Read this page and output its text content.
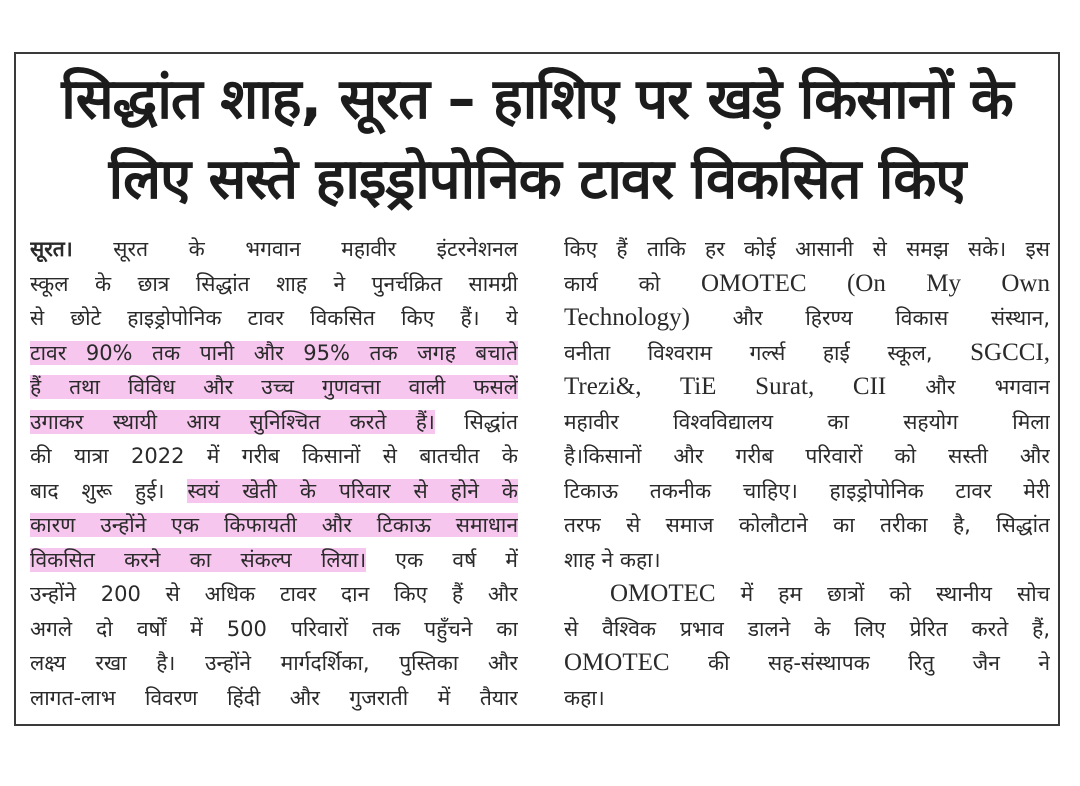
सिद्धांत शाह, सूरत – हाशिए पर खड़े किसानों के
लिए सस्ते हाइड्रोपोनिक टावर विकसित किए
सूरत। सूरत के भगवान महावीर इंटरनेशनल
स्कूल के छात्र सिद्धांत शाह ने पुनर्चक्रित सामग्री
से छोटे हाइड्रोपोनिक टावर विकसित किए हैं। ये
टावर 90% तक पानी और 95% तक जगह बचाते
हैं तथा विविध और उच्च गुणवत्ता वाली फसलें
उगाकर स्थायी आय सुनिश्चित करते हैं। सिद्धांत
की यात्रा 2022 में गरीब किसानों से बातचीत के
बाद शुरू हुई। स्वयं खेती के परिवार से होने के
कारण उन्होंने एक किफायती और टिकाऊ समाधान
विकसित करने का संकल्प लिया। एक वर्ष में
उन्होंने 200 से अधिक टावर दान किए हैं और
अगले दो वर्षों में 500 परिवारों तक पहुँचने का
लक्ष्य रखा है। उन्होंने मार्गदर्शिका, पुस्तिका और
लागत-लाभ विवरण हिंदी और गुजराती में तैयार
किए हैं ताकि हर कोई आसानी से समझ सके। इस
कार्य को OMOTEC (On My Own
Technology) और हिरण्य विकास संस्थान,
वनीता विश्वराम गर्ल्स हाई स्कूल, SGCCI,
Trezi&, TiE Surat, CII और भगवान
महावीर विश्वविद्यालय का सहयोग मिला
है।किसानों और गरीब परिवारों को सस्ती और
टिकाऊ तकनीक चाहिए। हाइड्रोपोनिक टावर मेरी
तरफ से समाज कोलौटाने का तरीका है, सिद्धांत
शाह ने कहा।
OMOTEC में हम छात्रों को स्थानीय सोच
से वैश्विक प्रभाव डालने के लिए प्रेरित करते हैं,
OMOTEC की सह-संस्थापक रितु जैन ने
कहा।
